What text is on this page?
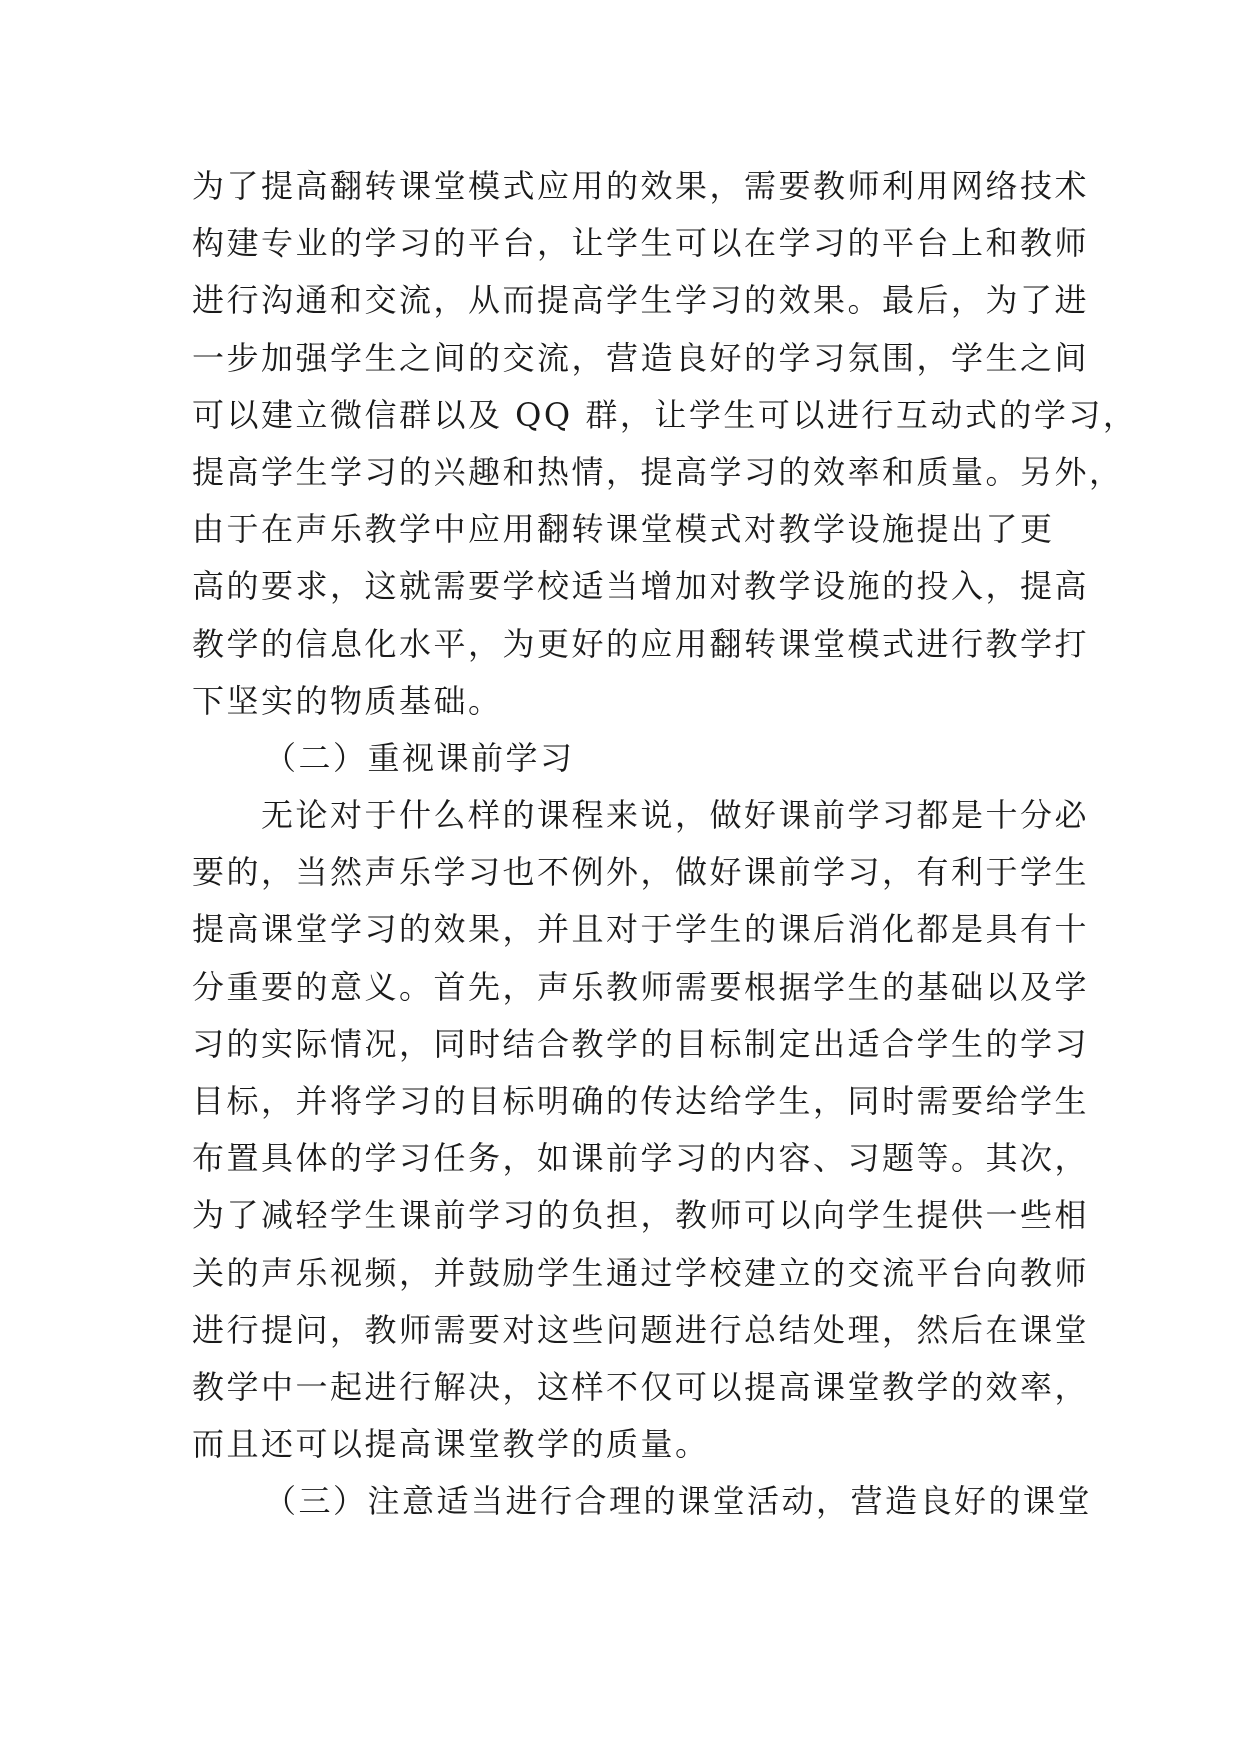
为了提高翻转课堂模式应用的效果，需要教师利用网络技术
构建专业的学习的平台，让学生可以在学习的平台上和教师
进行沟通和交流，从而提高学生学习的效果。最后，为了进
一步加强学生之间的交流，营造良好的学习氛围，学生之间
可以建立微信群以及 QQ 群，让学生可以进行互动式的学习，
提高学生学习的兴趣和热情，提高学习的效率和质量。另外，
由于在声乐教学中应用翻转课堂模式对教学设施提出了更
高的要求，这就需要学校适当增加对教学设施的投入，提高
教学的信息化水平，为更好的应用翻转课堂模式进行教学打
下坚实的物质基础。
（二）重视课前学习
无论对于什么样的课程来说，做好课前学习都是十分必
要的，当然声乐学习也不例外，做好课前学习，有利于学生
提高课堂学习的效果，并且对于学生的课后消化都是具有十
分重要的意义。首先，声乐教师需要根据学生的基础以及学
习的实际情况，同时结合教学的目标制定出适合学生的学习
目标，并将学习的目标明确的传达给学生，同时需要给学生
布置具体的学习任务，如课前学习的内容、习题等。其次，
为了减轻学生课前学习的负担，教师可以向学生提供一些相
关的声乐视频，并鼓励学生通过学校建立的交流平台向教师
进行提问，教师需要对这些问题进行总结处理，然后在课堂
教学中一起进行解决，这样不仅可以提高课堂教学的效率，
而且还可以提高课堂教学的质量。
（三）注意适当进行合理的课堂活动，营造良好的课堂
